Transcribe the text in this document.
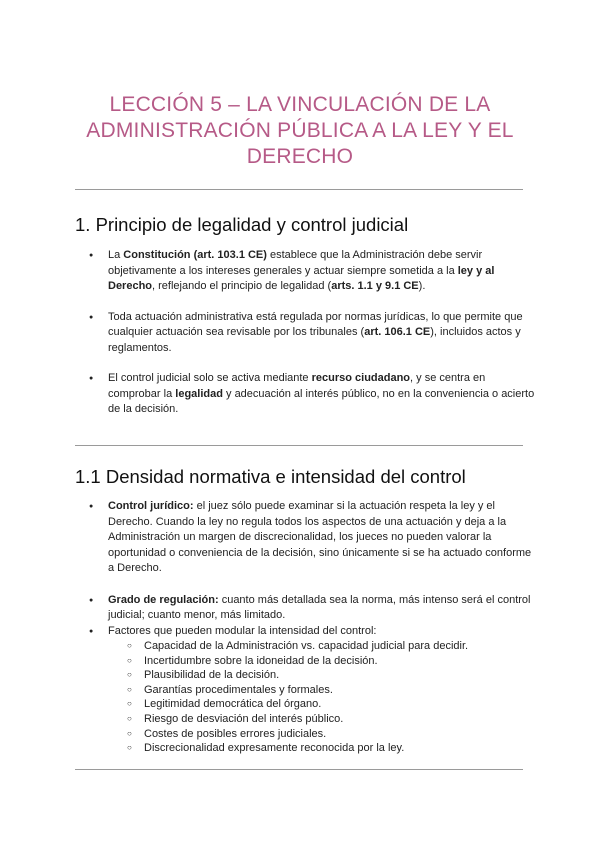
LECCIÓN 5 – LA VINCULACIÓN DE LA
ADMINISTRACIÓN PÚBLICA A LA LEY Y EL
DERECHO
1. Principio de legalidad y control judicial
● La Constitución (art. 103.1 CE) establece que la Administración debe servir objetivamente a los intereses generales y actuar siempre sometida a la ley y al Derecho, reflejando el principio de legalidad (arts. 1.1 y 9.1 CE).
● Toda actuación administrativa está regulada por normas jurídicas, lo que permite que cualquier actuación sea revisable por los tribunales (art. 106.1 CE), incluidos actos y reglamentos.
● El control judicial solo se activa mediante recurso ciudadano, y se centra en comprobar la legalidad y adecuación al interés público, no en la conveniencia o acierto de la decisión.
1.1 Densidad normativa e intensidad del control
● Control jurídico: el juez sólo puede examinar si la actuación respeta la ley y el Derecho. Cuando la ley no regula todos los aspectos de una actuación y deja a la Administración un margen de discrecionalidad, los jueces no pueden valorar la oportunidad o conveniencia de la decisión, sino únicamente si se ha actuado conforme a Derecho.
● Grado de regulación: cuanto más detallada sea la norma, más intenso será el control judicial; cuanto menor, más limitado.
● Factores que pueden modular la intensidad del control:
○ Capacidad de la Administración vs. capacidad judicial para decidir.
○ Incertidumbre sobre la idoneidad de la decisión.
○ Plausibilidad de la decisión.
○ Garantías procedimentales y formales.
○ Legitimidad democrática del órgano.
○ Riesgo de desviación del interés público.
○ Costes de posibles errores judiciales.
○ Discrecionalidad expresamente reconocida por la ley.
